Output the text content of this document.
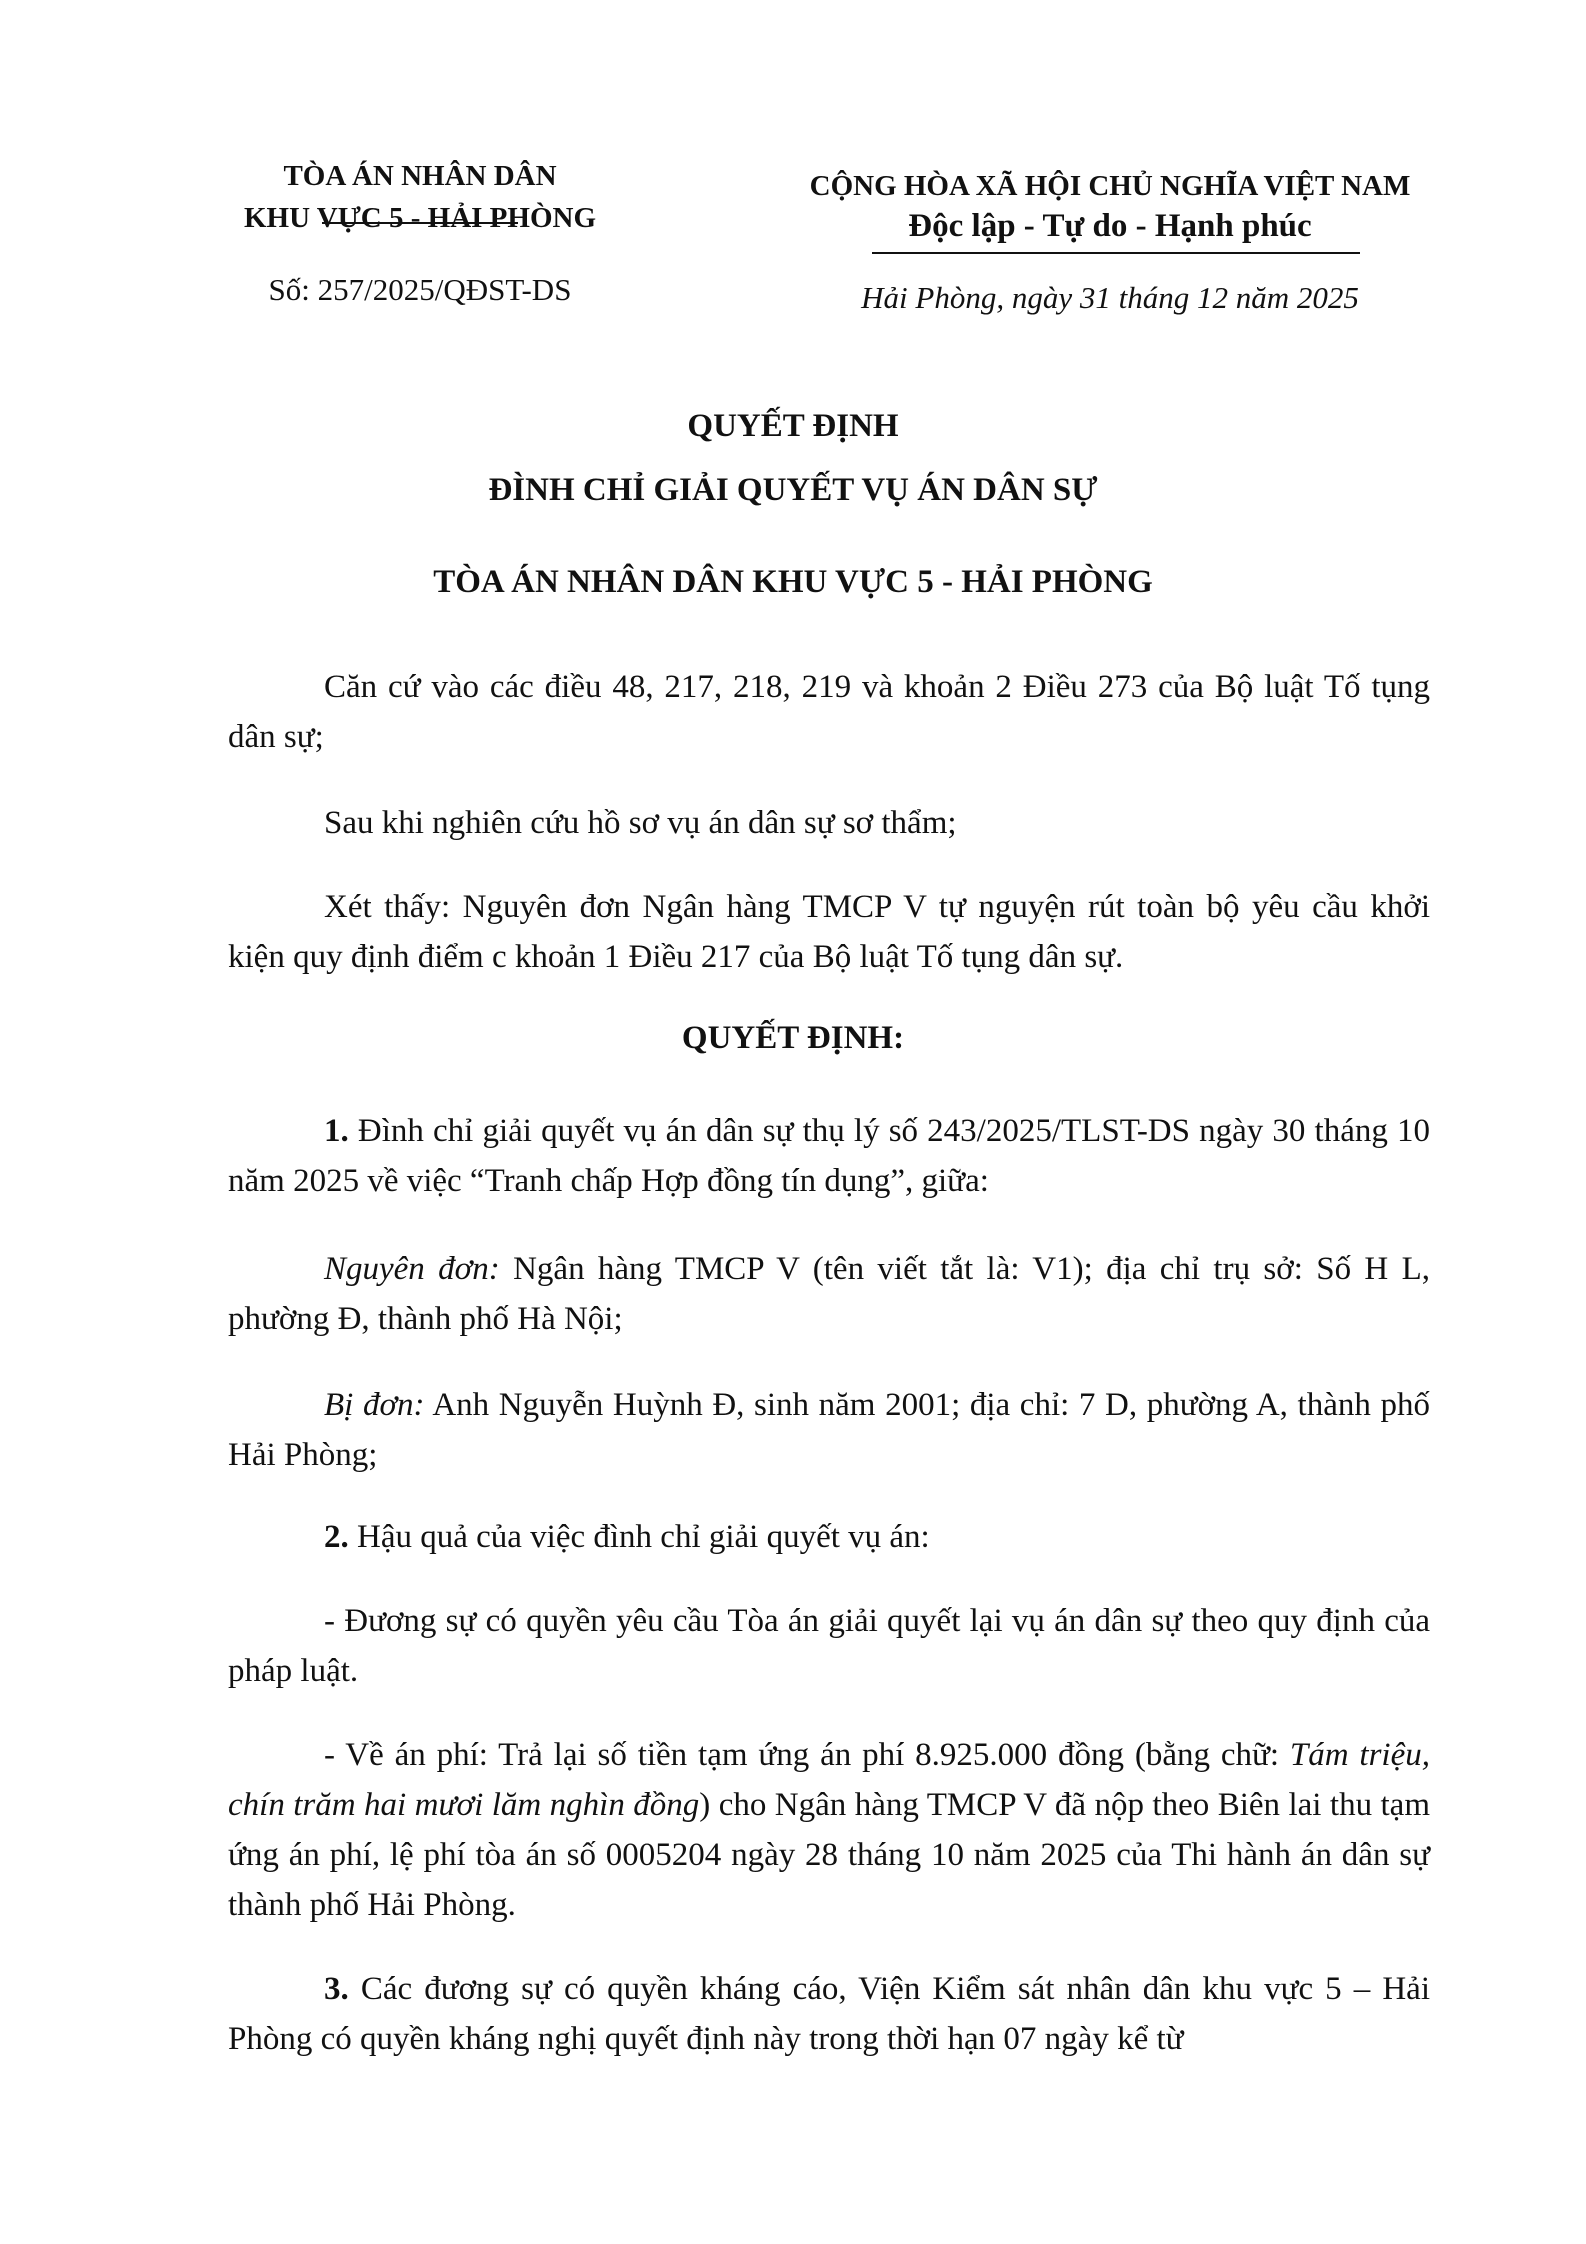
TÒA ÁN NHÂN DÂN
KHU VỰC 5 - HẢI PHÒNG
Số: 257/2025/QĐST-DS
CỘNG HÒA XÃ HỘI CHỦ NGHĨA VIỆT NAM
Độc lập - Tự do - Hạnh phúc
Hải Phòng, ngày 31 tháng 12 năm 2025
QUYẾT ĐỊNH
ĐÌNH CHỈ GIẢI QUYẾT VỤ ÁN DÂN SỰ
TÒA ÁN NHÂN DÂN KHU VỰC 5 - HẢI PHÒNG

Căn cứ vào các điều 48, 217, 218, 219 và khoản 2 Điều 273 của Bộ luật Tố tụng dân sự;

Sau khi nghiên cứu hồ sơ vụ án dân sự sơ thẩm;

Xét thấy: Nguyên đơn Ngân hàng TMCP V tự nguyện rút toàn bộ yêu cầu khởi kiện quy định điểm c khoản 1 Điều 217 của Bộ luật Tố tụng dân sự.

QUYẾT ĐỊNH:

1. Đình chỉ giải quyết vụ án dân sự thụ lý số 243/2025/TLST-DS ngày 30 tháng 10 năm 2025 về việc “Tranh chấp Hợp đồng tín dụng”, giữa:

Nguyên đơn: Ngân hàng TMCP V (tên viết tắt là: V1); địa chỉ trụ sở: Số H L, phường Đ, thành phố Hà Nội;

Bị đơn: Anh Nguyễn Huỳnh Đ, sinh năm 2001; địa chỉ: 7 D, phường A, thành phố Hải Phòng;

2. Hậu quả của việc đình chỉ giải quyết vụ án:

- Đương sự có quyền yêu cầu Tòa án giải quyết lại vụ án dân sự theo quy định của pháp luật.

- Về án phí: Trả lại số tiền tạm ứng án phí 8.925.000 đồng (bằng chữ: Tám triệu, chín trăm hai mươi lăm nghìn đồng) cho Ngân hàng TMCP V đã nộp theo Biên lai thu tạm ứng án phí, lệ phí tòa án số 0005204 ngày 28 tháng 10 năm 2025 của Thi hành án dân sự thành phố Hải Phòng.

3. Các đương sự có quyền kháng cáo, Viện Kiểm sát nhân dân khu vực 5 – Hải Phòng có quyền kháng nghị quyết định này trong thời hạn 07 ngày kể từ
